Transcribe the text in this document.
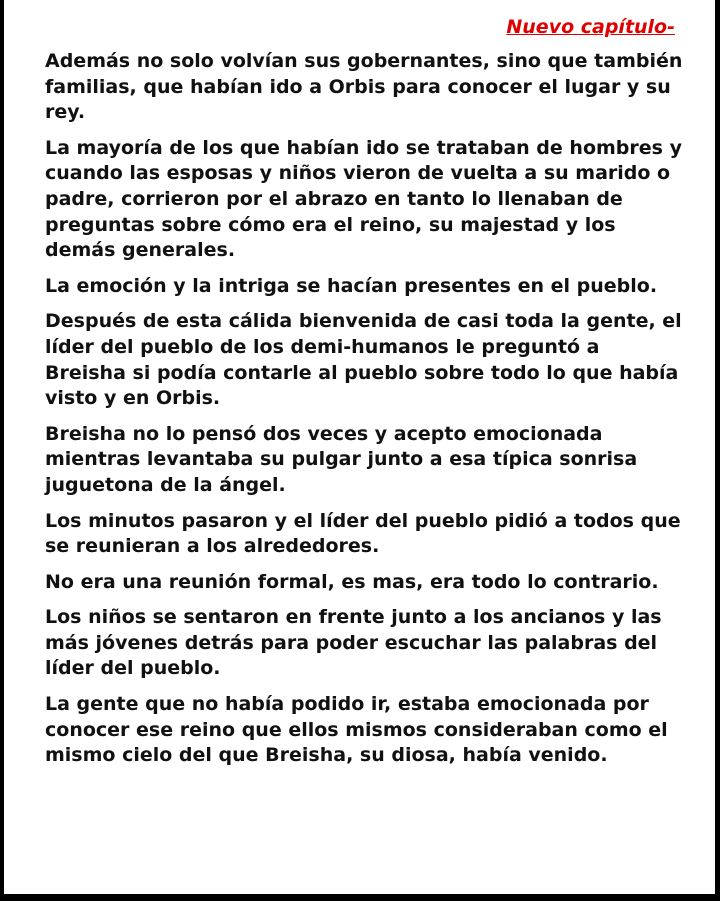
Nuevo capítulo-

Además no solo volvían sus gobernantes, sino que también familias, que habían ido a Orbis para conocer el lugar y su rey.

La mayoría de los que habían ido se trataban de hombres y cuando las esposas y niños vieron de vuelta a su marido o padre, corrieron por el abrazo en tanto lo llenaban de preguntas sobre cómo era el reino, su majestad y los demás generales.

La emoción y la intriga se hacían presentes en el pueblo.

Después de esta cálida bienvenida de casi toda la gente, el líder del pueblo de los demi-humanos le preguntó a Breisha si podía contarle al pueblo sobre todo lo que había visto y en Orbis.

Breisha no lo pensó dos veces y acepto emocionada mientras levantaba su pulgar junto a esa típica sonrisa juguetona de la ángel.

Los minutos pasaron y el líder del pueblo pidió a todos que se reunieran a los alrededores.

No era una reunión formal, es mas, era todo lo contrario.

Los niños se sentaron en frente junto a los ancianos y las más jóvenes detrás para poder escuchar las palabras del líder del pueblo.

La gente que no había podido ir, estaba emocionada por conocer ese reino que ellos mismos consideraban como el mismo cielo del que Breisha, su diosa, había venido.
